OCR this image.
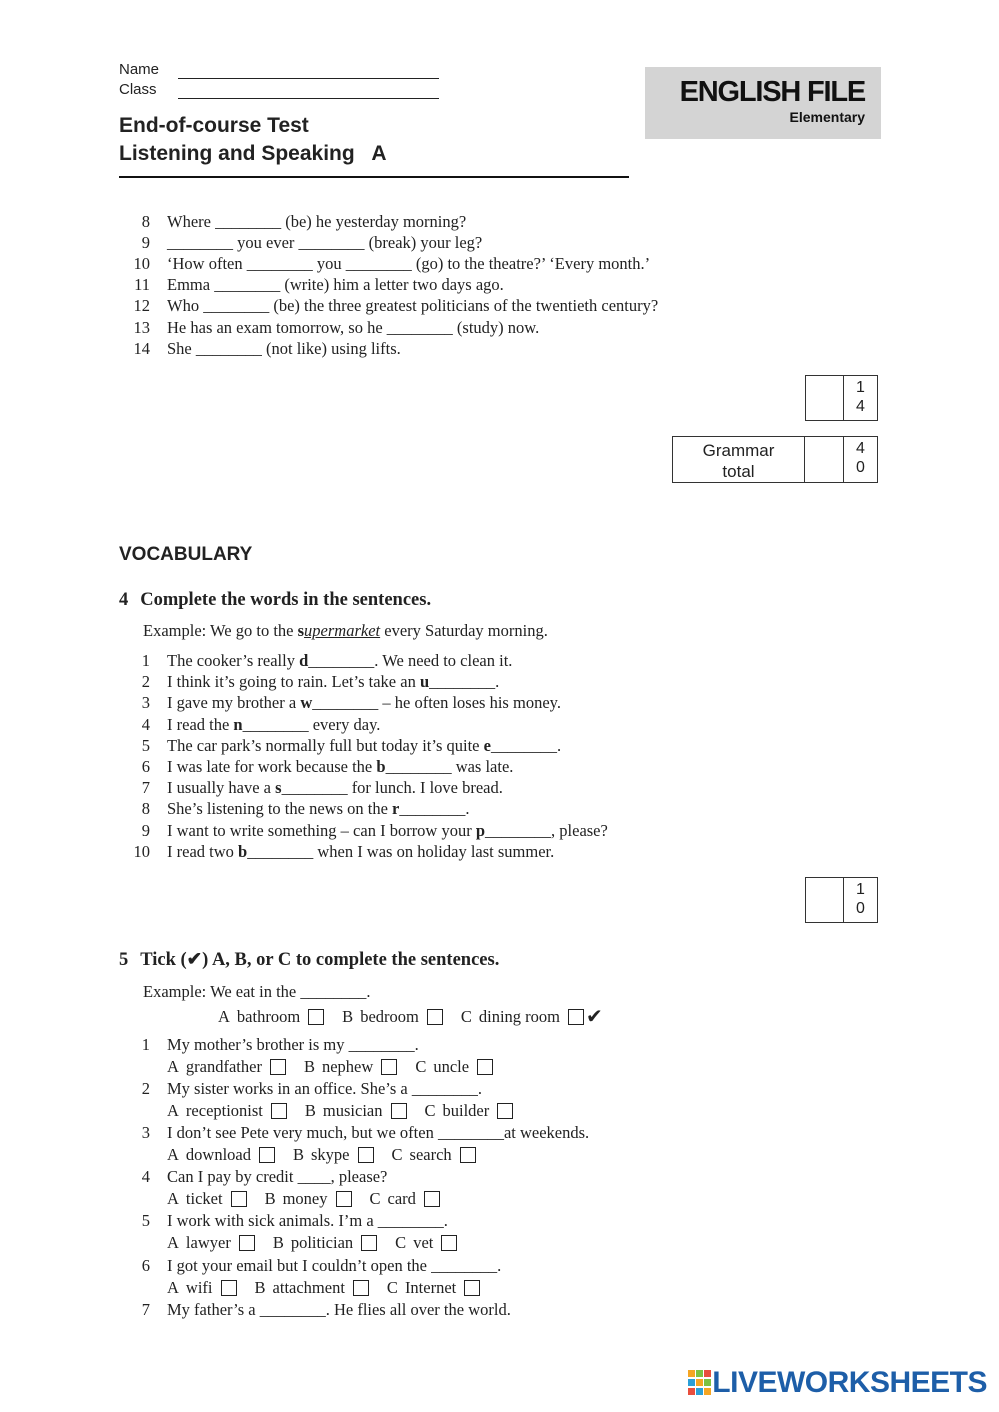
Name
Class
End-of-course Test
Listening and Speaking   A
ENGLISH FILE
Elementary
8 Where ________ (be) he yesterday morning?
9 ________ you ever ________ (break) your leg?
10 ‘How often ________ you ________ (go) to the theatre?’ ‘Every month.’
11 Emma ________ (write) him a letter two days ago.
12 Who ________ (be) the three greatest politicians of the twentieth century?
13 He has an exam tomorrow, so he ________ (study) now.
14 She ________ (not like) using lifts.
1
4
Grammar
total
4
0
VOCABULARY
4 Complete the words in the sentences.
Example: We go to the supermarket every Saturday morning.
1 The cooker’s really d________. We need to clean it.
2 I think it’s going to rain. Let’s take an u________.
3 I gave my brother a w________ – he often loses his money.
4 I read the n________ every day.
5 The car park’s normally full but today it’s quite e________.
6 I was late for work because the b________ was late.
7 I usually have a s________ for lunch. I love bread.
8 She’s listening to the news on the r________.
9 I want to write something – can I borrow your p________, please?
10 I read two b________ when I was on holiday last summer.
1
0
5 Tick (✔) A, B, or C to complete the sentences.
Example: We eat in the ________.
A bathroom	B bedroom	C dining room ✔
1 My mother’s brother is my ________.
A grandfather	B nephew	C uncle
2 My sister works in an office. She’s a ________.
A receptionist	B musician	C builder
3 I don’t see Pete very much, but we often ________at weekends.
A download	B skype	C search
4 Can I pay by credit ____, please?
A ticket	B money	C card
5 I work with sick animals. I’m a ________.
A lawyer	B politician	C vet
6 I got your email but I couldn’t open the ________.
A wifi	B attachment	C Internet
7 My father’s a ________. He flies all over the world.
LIVEWORKSHEETS
